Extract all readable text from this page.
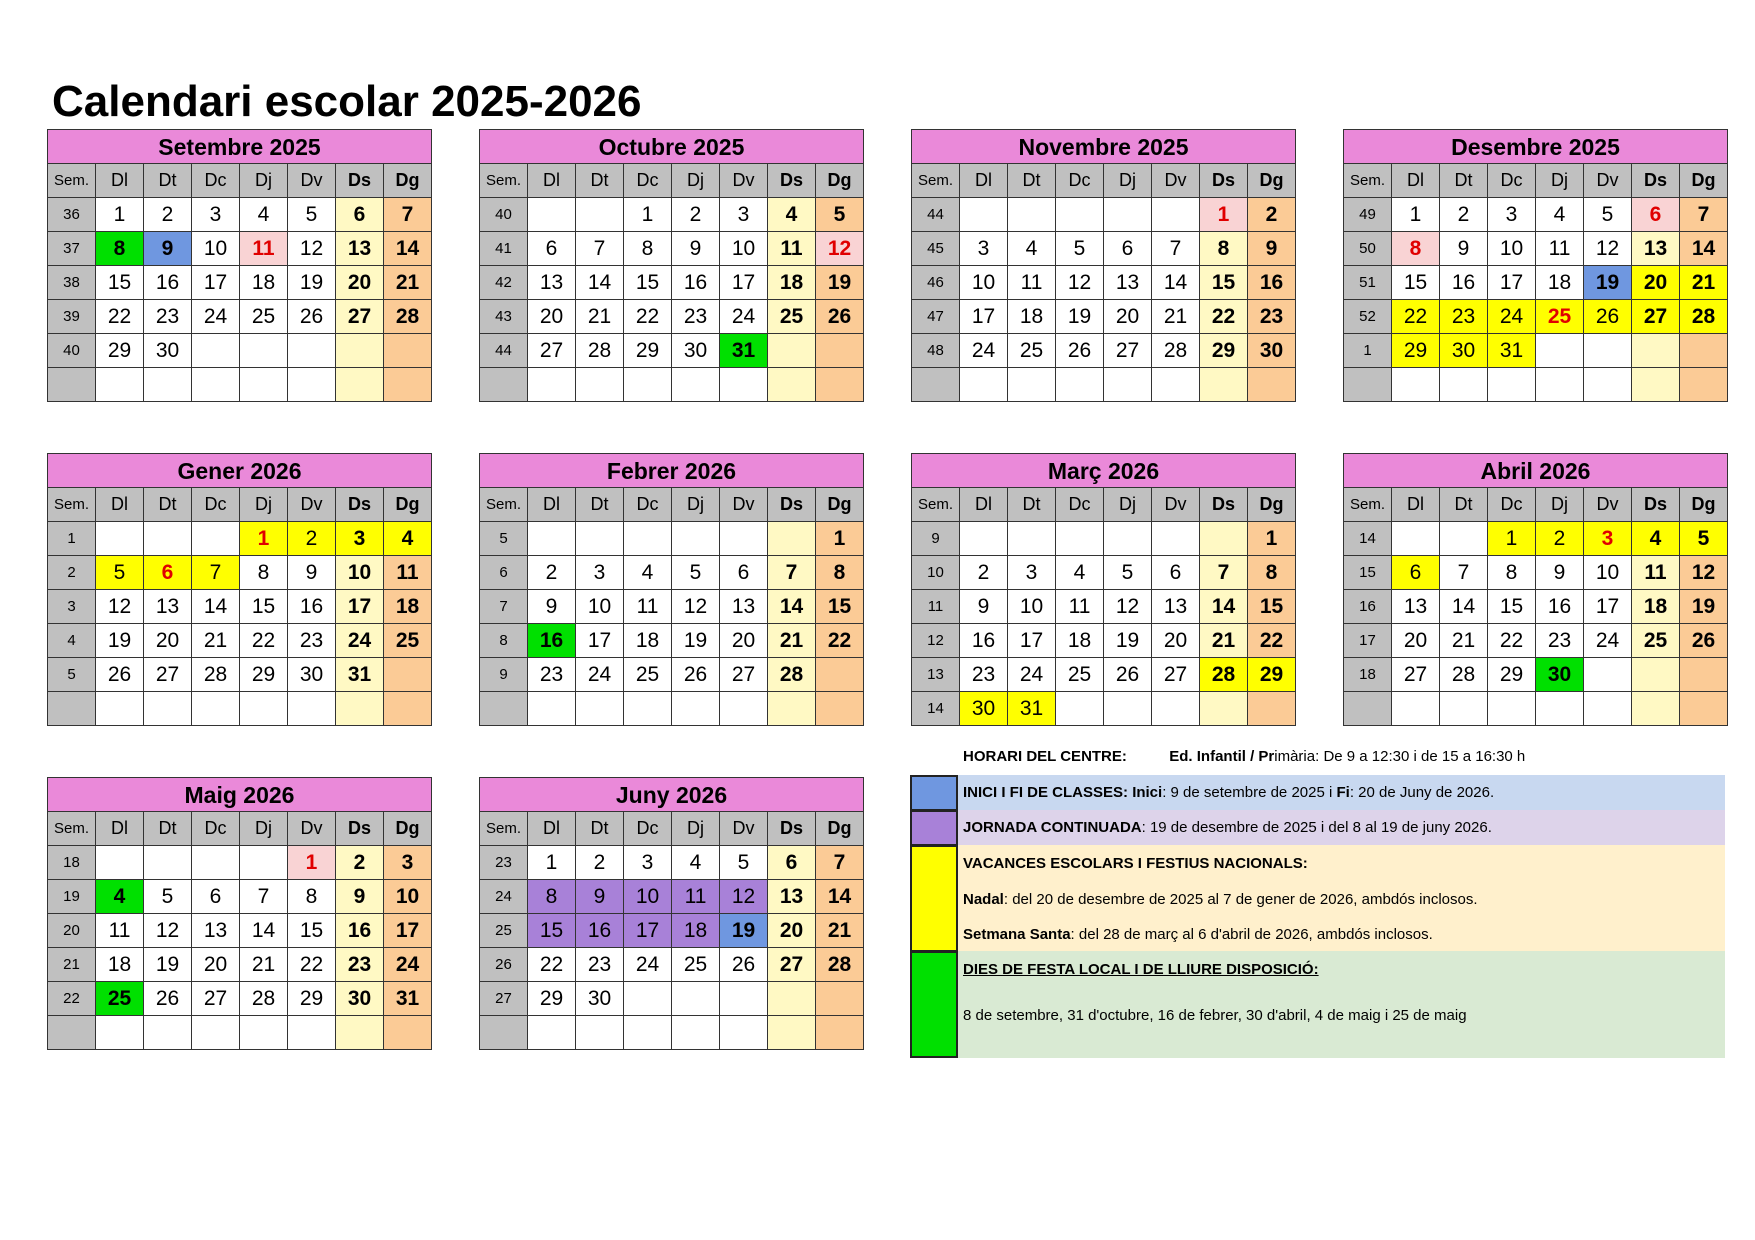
Calendari escolar 2025-2026
Setembre 2025
Sem.	Dl	Dt	Dc	Dj	Dv	Ds	Dg
36	1	2	3	4	5	6	7
37	8	9	10	11	12	13	14
38	15	16	17	18	19	20	21
39	22	23	24	25	26	27	28
40	29	30					

Octubre 2025
Sem.	Dl	Dt	Dc	Dj	Dv	Ds	Dg
40			1	2	3	4	5
41	6	7	8	9	10	11	12
42	13	14	15	16	17	18	19
43	20	21	22	23	24	25	26
44	27	28	29	30	31		

Novembre 2025
Sem.	Dl	Dt	Dc	Dj	Dv	Ds	Dg
44						1	2
45	3	4	5	6	7	8	9
46	10	11	12	13	14	15	16
47	17	18	19	20	21	22	23
48	24	25	26	27	28	29	30

Desembre 2025
Sem.	Dl	Dt	Dc	Dj	Dv	Ds	Dg
49	1	2	3	4	5	6	7
50	8	9	10	11	12	13	14
51	15	16	17	18	19	20	21
52	22	23	24	25	26	27	28
1	29	30	31				

Gener 2026
Sem.	Dl	Dt	Dc	Dj	Dv	Ds	Dg
1				1	2	3	4
2	5	6	7	8	9	10	11
3	12	13	14	15	16	17	18
4	19	20	21	22	23	24	25
5	26	27	28	29	30	31	

Febrer 2026
Sem.	Dl	Dt	Dc	Dj	Dv	Ds	Dg
5							1
6	2	3	4	5	6	7	8
7	9	10	11	12	13	14	15
8	16	17	18	19	20	21	22
9	23	24	25	26	27	28	

Març 2026
Sem.	Dl	Dt	Dc	Dj	Dv	Ds	Dg
9							1
10	2	3	4	5	6	7	8
11	9	10	11	12	13	14	15
12	16	17	18	19	20	21	22
13	23	24	25	26	27	28	29
14	30	31					
Abril 2026
Sem.	Dl	Dt	Dc	Dj	Dv	Ds	Dg
14			1	2	3	4	5
15	6	7	8	9	10	11	12
16	13	14	15	16	17	18	19
17	20	21	22	23	24	25	26
18	27	28	29	30			

Maig 2026
Sem.	Dl	Dt	Dc	Dj	Dv	Ds	Dg
18					1	2	3
19	4	5	6	7	8	9	10
20	11	12	13	14	15	16	17
21	18	19	20	21	22	23	24
22	25	26	27	28	29	30	31

Juny 2026
Sem.	Dl	Dt	Dc	Dj	Dv	Ds	Dg
23	1	2	3	4	5	6	7
24	8	9	10	11	12	13	14
25	15	16	17	18	19	20	21
26	22	23	24	25	26	27	28
27	29	30					

HORARI DEL CENTRE:	Ed. Infantil / Primària: De 9 a 12:30 i de 15 a 16:30 h
INICI I FI DE CLASSES: Inici: 9 de setembre de 2025 i Fi: 20 de Juny de 2026.
JORNADA CONTINUADA: 19 de desembre de 2025 i del 8 al 19 de juny 2026.
VACANCES ESCOLARS I FESTIUS NACIONALS:
Nadal: del 20 de desembre de 2025 al 7 de gener de 2026, ambdós inclosos.
Setmana Santa: del 28 de març al 6 d'abril de 2026, ambdós inclosos.
DIES DE FESTA LOCAL I DE LLIURE DISPOSICIÓ:
8 de setembre, 31 d'octubre, 16 de febrer, 30 d'abril, 4 de maig i 25 de maig
